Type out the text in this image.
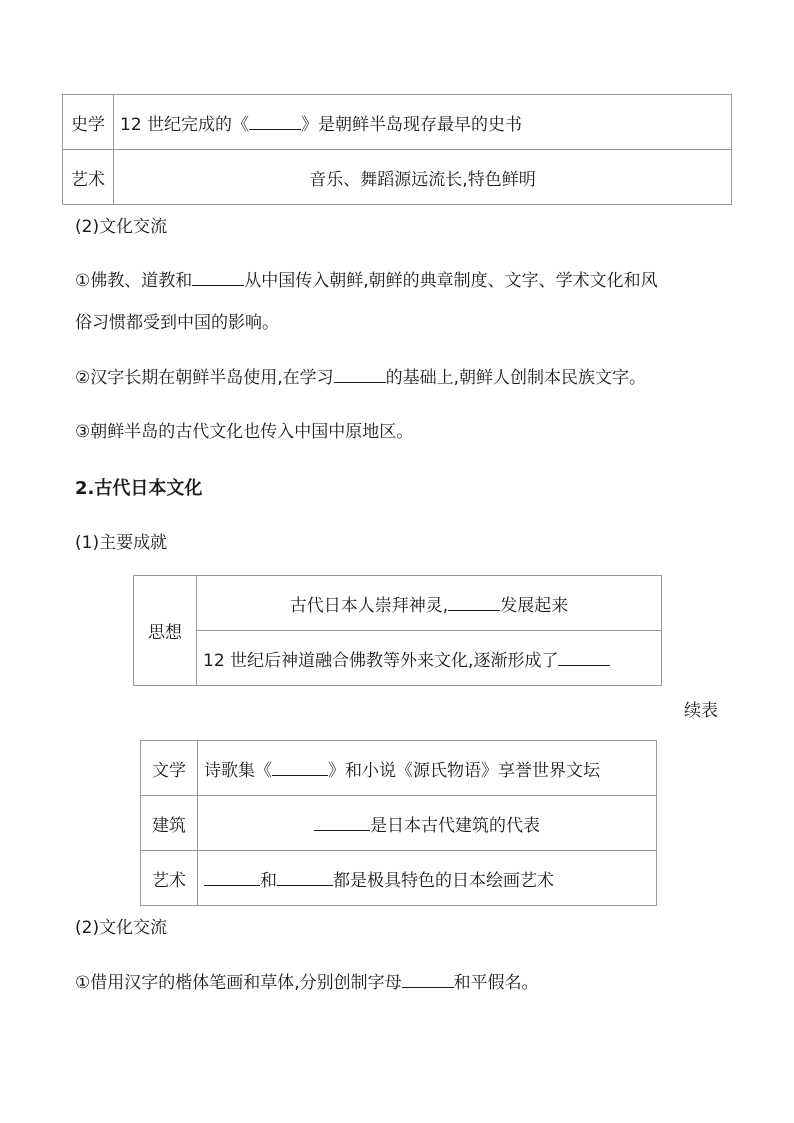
史学	12 世纪完成的《 》是朝鲜半岛现存最早的史书
艺术	音乐、舞蹈源远流长,特色鲜明
(2)文化交流
①佛教、道教和	从中国传入朝鲜,朝鲜的典章制度、文字、学术文化和风
俗习惯都受到中国的影响。
②汉字长期在朝鲜半岛使用,在学习	的基础上,朝鲜人创制本民族文字。
③朝鲜半岛的古代文化也传入中国中原地区。
2.古代日本文化
(1)主要成就
思想	古代日本人崇拜神灵,	发展起来
12 世纪后神道融合佛教等外来文化,逐渐形成了
续表
文学	诗歌集《 》和小说《源氏物语》享誉世界文坛
建筑	是日本古代建筑的代表
艺术	和 都是极具特色的日本绘画艺术
(2)文化交流
①借用汉字的楷体笔画和草体,分别创制字母	和平假名。
